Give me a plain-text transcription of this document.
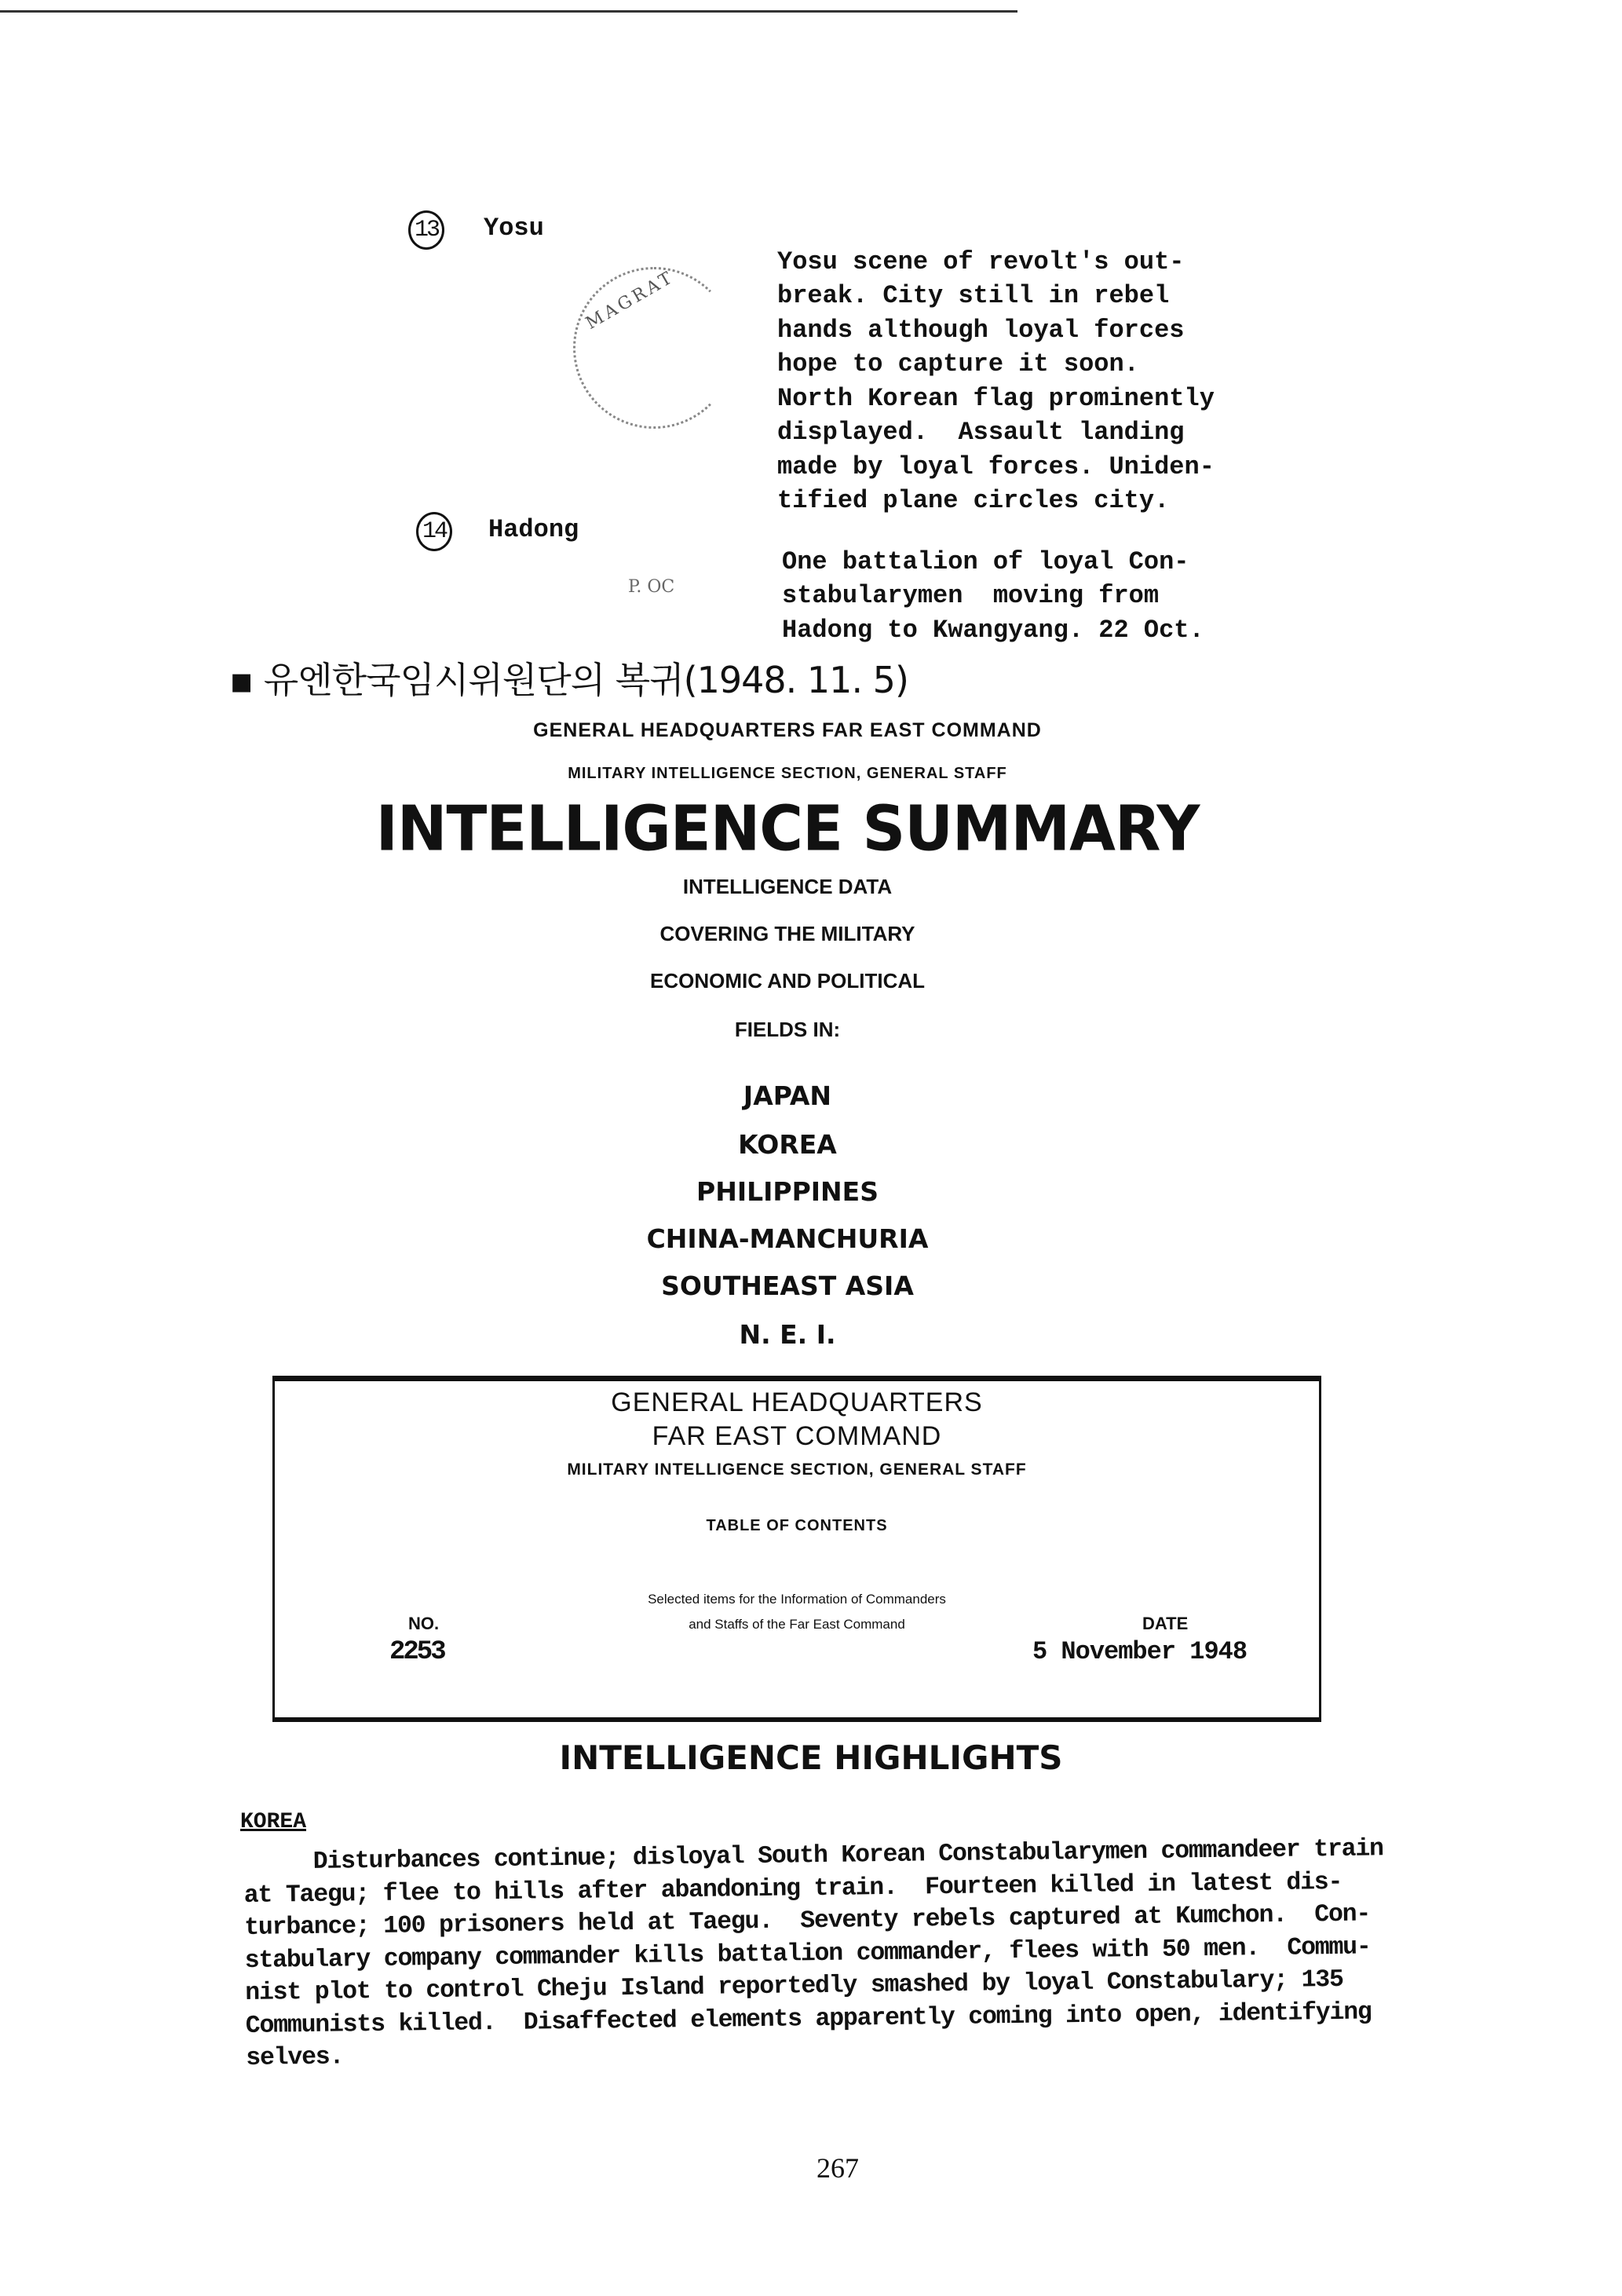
13 Yosu

Yosu scene of revolt's out-
break. City still in rebel
hands although loyal forces
hope to capture it soon.
North Korean flag prominently
displayed.  Assault landing
made by loyal forces. Uniden-
tified plane circles city.
MAGRAT
14 Hadong

One battalion of loyal Con-
stabularymen  moving from
Hadong to Kwangyang. 22 Oct.
P. OC
▪ 유엔한국임시위원단의 복귀(1948. 11. 5)
GENERAL HEADQUARTERS FAR EAST COMMAND
MILITARY INTELLIGENCE SECTION, GENERAL STAFF
INTELLIGENCE SUMMARY
INTELLIGENCE DATA
COVERING THE MILITARY
ECONOMIC AND POLITICAL
FIELDS IN:
JAPAN
KOREA
PHILIPPINES
CHINA-MANCHURIA
SOUTHEAST ASIA
N. E. I.
GENERAL HEADQUARTERS
FAR EAST COMMAND
MILITARY INTELLIGENCE SECTION, GENERAL STAFF
TABLE OF CONTENTS
Selected items for the Information of Commanders
and Staffs of the Far East Command
NO.
2253
DATE
5 November 1948
INTELLIGENCE HIGHLIGHTS
KOREA
Disturbances continue; disloyal South Korean Constabularymen commandeer train
at Taegu; flee to hills after abandoning train.  Fourteen killed in latest dis-
turbance; 100 prisoners held at Taegu.  Seventy rebels captured at Kumchon.  Con-
stabulary company commander kills battalion commander, flees with 50 men.  Commu-
nist plot to control Cheju Island reportedly smashed by loyal Constabulary; 135
Communists killed.  Disaffected elements apparently coming into open, identifying
selves.
267
